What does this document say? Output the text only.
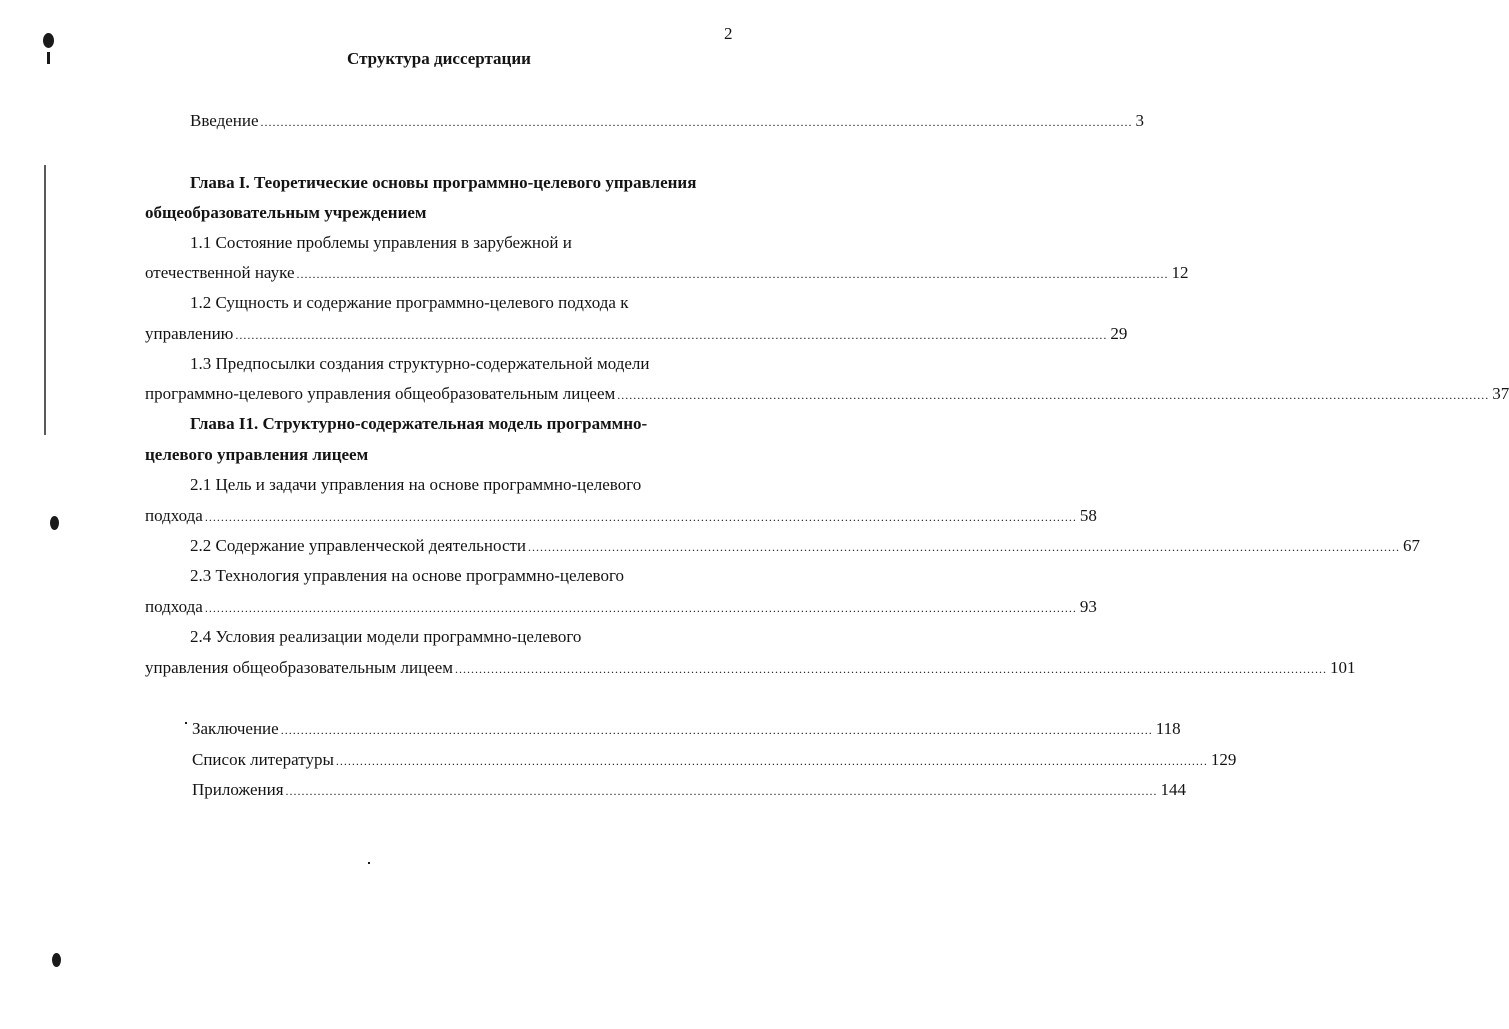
2
Структура диссертации
Введение .......................................................................................................................................................................................................................... 3
Глава I. Теоретические основы программно-целевого управления
общеобразовательным учреждением
1.1 Состояние проблемы управления в зарубежной и
отечественной науке .......................................................................................................................................................................................................................... 12
1.2 Сущность и содержание программно-целевого подхода к
управлению .......................................................................................................................................................................................................................... 29
1.3 Предпосылки создания структурно-содержательной модели
программно-целевого управления общеобразовательным лицеем .......................................................................................................................................................................................................................... 37
Глава I1. Структурно-содержательная модель программно-
целевого управления лицеем
2.1 Цель и задачи управления на основе программно-целевого
подхода .......................................................................................................................................................................................................................... 58
2.2 Содержание управленческой деятельности .......................................................................................................................................................................................................................... 67
2.3 Технология управления на основе программно-целевого
подхода .......................................................................................................................................................................................................................... 93
2.4 Условия реализации модели программно-целевого
управления общеобразовательным лицеем .......................................................................................................................................................................................................................... 101
Заключение .......................................................................................................................................................................................................................... 118
Список литературы .......................................................................................................................................................................................................................... 129
Приложения .......................................................................................................................................................................................................................... 144
